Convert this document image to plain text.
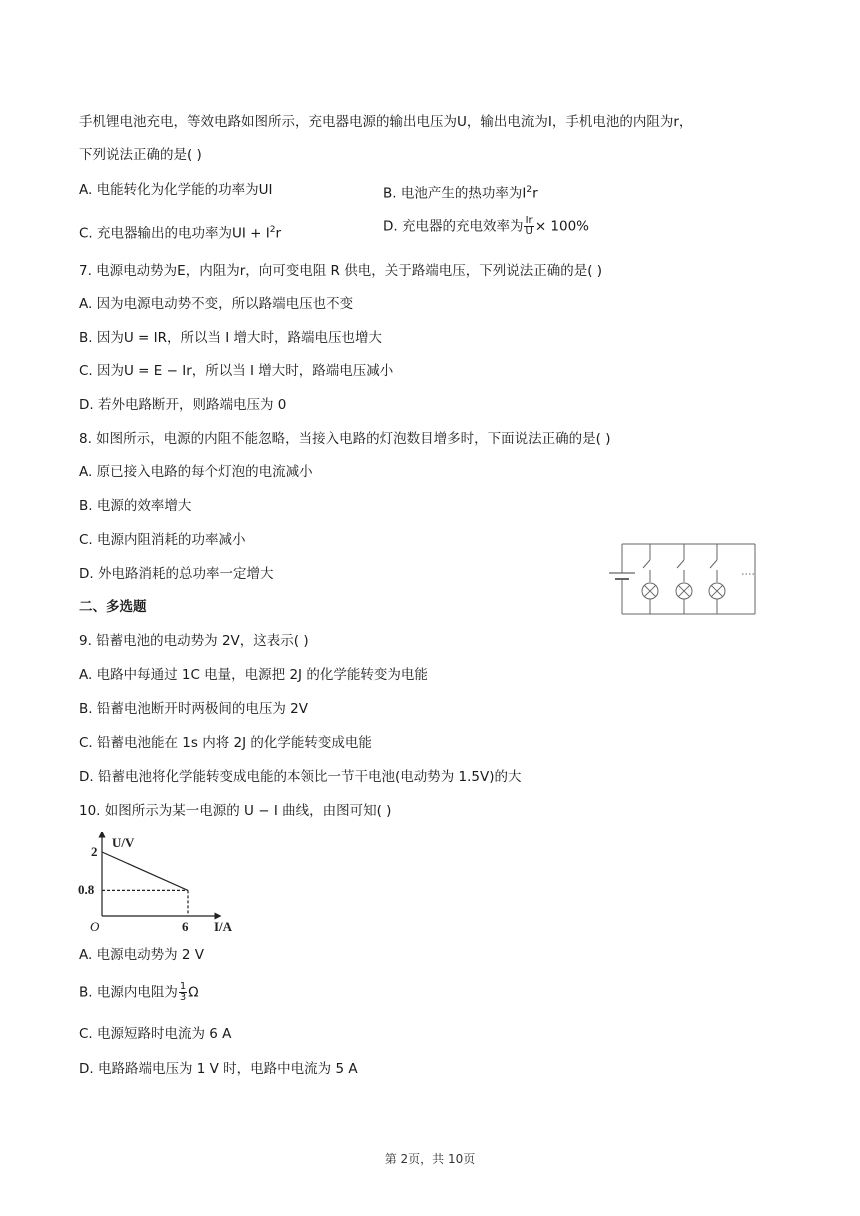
手机锂电池充电，等效电路如图所示，充电器电源的输出电压为U，输出电流为I，手机电池的内阻为r，
下列说法正确的是( )
A. 电能转化为化学能的功率为UI	B. 电池产生的热功率为$I^2r$
C. 充电器输出的电功率为UI + $I^2r$	D. 充电器的充电效率为 $\frac{Ir}{U} \times 100\%$
7. 电源电动势为E，内阻为r，向可变电阻 R 供电，关于路端电压，下列说法正确的是( )
A. 因为电源电动势不变，所以路端电压也不变
B. 因为U = IR，所以当 I 增大时，路端电压也增大
C. 因为U = E − Ir，所以当 I 增大时，路端电压减小
D. 若外电路断开，则路端电压为 0
8. 如图所示，电源的内阻不能忽略，当接入电路的灯泡数目增多时，下面说法正确的是( )
A. 原已接入电路的每个灯泡的电流减小
B. 电源的效率增大
C. 电源内阻消耗的功率减小
D. 外电路消耗的总功率一定增大
二、多选题
9. 铅蓄电池的电动势为 2V，这表示( )
A. 电路中每通过 1C 电量，电源把 2J 的化学能转变为电能
B. 铅蓄电池断开时两极间的电压为 2V
C. 铅蓄电池能在 1s 内将 2J 的化学能转变成电能
D. 铅蓄电池将化学能转变成电能的本领比一节干电池(电动势为 1.5V)的大
10. 如图所示为某一电源的 U − I 曲线，由图可知( )
U/V
I/A
2
0.8
6
O
A. 电源电动势为 2 V
B. 电源内电阻为 $\frac{1}{3}$ Ω
C. 电源短路时电流为 6 A
D. 电路路端电压为 1 V 时，电路中电流为 5 A
第 2页，共 10页
